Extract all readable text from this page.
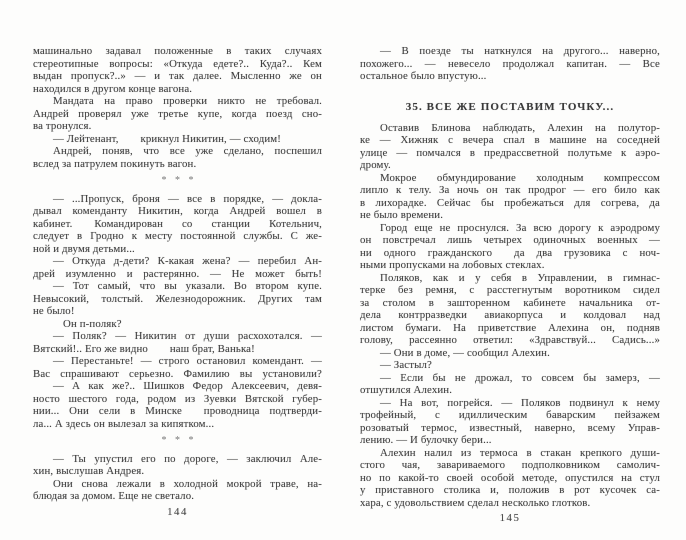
машинально задавал положенные в таких случаях
стереотипные вопросы: «Откуда едете?.. Куда?.. Кем
выдан пропуск?..» — и так далее. Мысленно же он
находился в другом конце вагона.
Мандата на право проверки никто не требовал.
Андрей проверял уже третье купе, когда поезд сно-
ва тронулся.
— Лейтенант,  крикнул Никитин, — сходим!
Андрей, поняв, что все уже сделано, поспешил
вслед за патрулем покинуть вагон.
* * *
— ...Пропуск, броня — все в порядке, — докла-
дывал коменданту Никитин, когда Андрей вошел в
кабинет.  Командирован со станции Котельнич,
следует в Гродно к месту постоянной службы. С же-
ной и двумя детьми...
— Откуда д-дети? К-какая жена? — перебил Ан-
дрей изумленно и растерянно. — Не может быть!
— Тот самый, что вы указали. Во втором купе.
Невысокий, толстый. Железнодорожник. Других там
не было!
Он п-поляк?
— Поляк? — Никитин от души расхохотался. —
Вятский!.. Его же видно  наш брат, Ванька!
— Перестаньте! — строго остановил комендант. —
Вас спрашивают серьезно. Фамилию вы установили?
— А как же?.. Шишков Федор Алексеевич, девя-
носто шестого года, родом из Зуевки Вятской губер-
нии... Они сели в Минске  проводница подтверди-
ла... А здесь он вылезал за кипятком...
* * *
— Ты упустил его по дороге, — заключил Але-
хин, выслушав Андрея.
Они снова лежали в холодной мокрой траве, на-
блюдая за домом. Еще не светало.
144
— В поезде ты наткнулся на другого... наверно,
похожего... — невесело продолжал капитан. — Все
остальное было впустую...
35. ВСЕ ЖЕ ПОСТАВИМ ТОЧКУ...
Оставив Блинова наблюдать, Алехин на полутор-
ке — Хижняк с вечера спал в машине на соседней
улице — помчался в предрассветной полутьме к аэро-
дрому.
Мокрое обмундирование холодным компрессом
липло к телу. За ночь он так продрог — его било как
в лихорадке. Сейчас бы пробежаться для согрева, да
не было времени.
Город еще не проснулся. За всю дорогу к аэродрому
он повстречал лишь четырех одиночных военных —
ни одного гражданского  да два грузовика с ноч-
ными пропусками на лобовых стеклах.
Поляков, как и у себя в Управлении, в гимнас-
терке без ремня, с расстегнутым воротником сидел
за столом в зашторенном кабинете начальника от-
дела контрразведки авиакорпуса и колдовал над
листом бумаги. На приветствие Алехина он, подняв
голову, рассеянно ответил: «Здравствуй... Садись...»
— Они в доме, — сообщил Алехин.
— Застыл?
— Если бы не дрожал, то совсем бы замерз, —
отшутился Алехин.
— На вот, погрейся. — Поляков подвинул к нему
трофейный, с идиллическим баварским пейзажем
розоватый термос, известный, наверно, всему Управ-
лению. — И булочку бери...
Алехин налил из термоса в стакан крепкого души-
стого чая, завариваемого подполковником самолич-
но по какой-то своей особой методе, опустился на стул
у приставного столика и, положив в рот кусочек са-
хара, с удовольствием сделал несколько глотков.
145
